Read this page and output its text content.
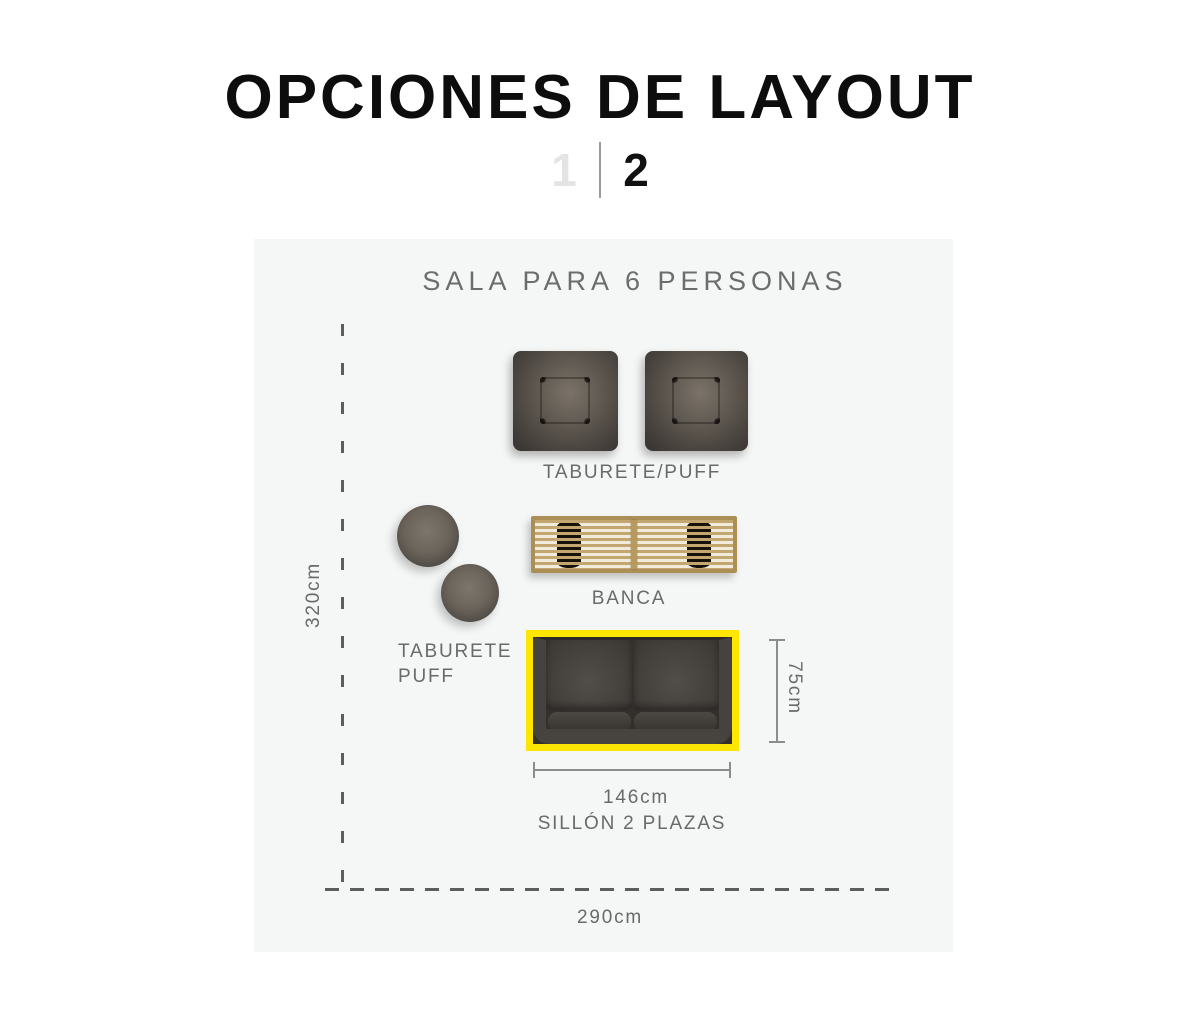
OPCIONES DE LAYOUT
1	2
SALA PARA 6 PERSONAS
320cm
290cm
TABURETE/PUFF
TABURETE
PUFF
BANCA
75cm
146cm
SILLÓN 2 PLAZAS
